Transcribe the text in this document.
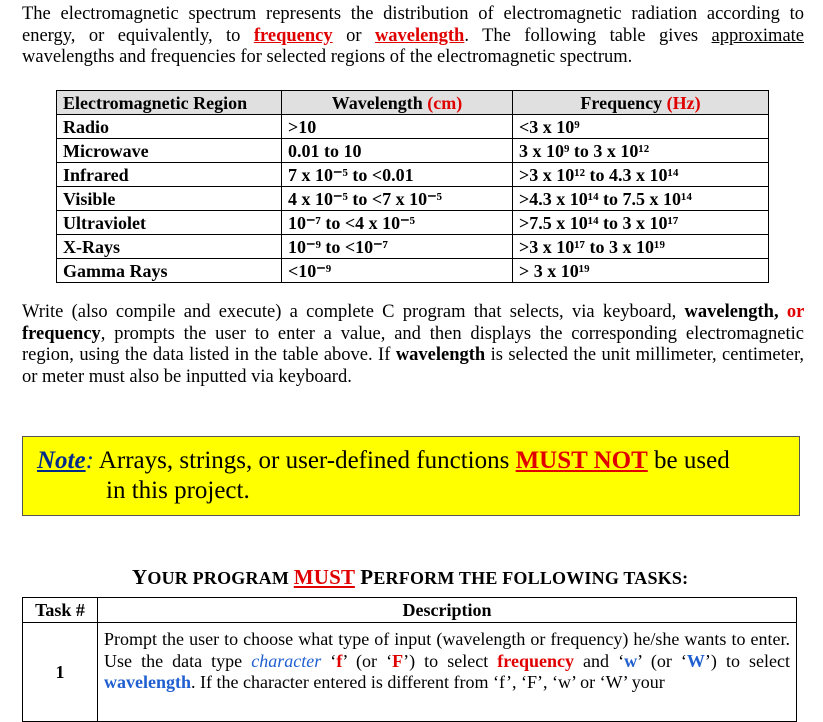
The electromagnetic spectrum represents the distribution of electromagnetic radiation according to energy, or equivalently, to frequency or wavelength. The following table gives approximate wavelengths and frequencies for selected regions of the electromagnetic spectrum.
Electromagnetic Region	Wavelength (cm)	Frequency (Hz)
Radio	>10	<3 x 10⁹
Microwave	0.01 to 10	3 x 10⁹ to 3 x 10¹²
Infrared	7 x 10⁻⁵ to <0.01	>3 x 10¹² to 4.3 x 10¹⁴
Visible	4 x 10⁻⁵ to <7 x 10⁻⁵	>4.3 x 10¹⁴ to 7.5 x 10¹⁴
Ultraviolet	10⁻⁷ to <4 x 10⁻⁵	>7.5 x 10¹⁴ to 3 x 10¹⁷
X-Rays	10⁻⁹ to <10⁻⁷	>3 x 10¹⁷ to 3 x 10¹⁹
Gamma Rays	<10⁻⁹	> 3 x 10¹⁹
Write (also compile and execute) a complete C program that selects, via keyboard, wavelength, or frequency, prompts the user to enter a value, and then displays the corresponding electromagnetic region, using the data listed in the table above. If wavelength is selected the unit millimeter, centimeter, or meter must also be inputted via keyboard.
Note: Arrays, strings, or user-defined functions MUST NOT be used
in this project.
YOUR PROGRAM MUST PERFORM THE FOLLOWING TASKS:
Task #	Description
1	Prompt the user to choose what type of input (wavelength or frequency) he/she wants to enter. Use the data type character ‘f’ (or ‘F’) to select frequency and ‘w’ (or ‘W’) to select wavelength. If the character entered is different from ‘f’, ‘F’, ‘w’ or ‘W’ your
